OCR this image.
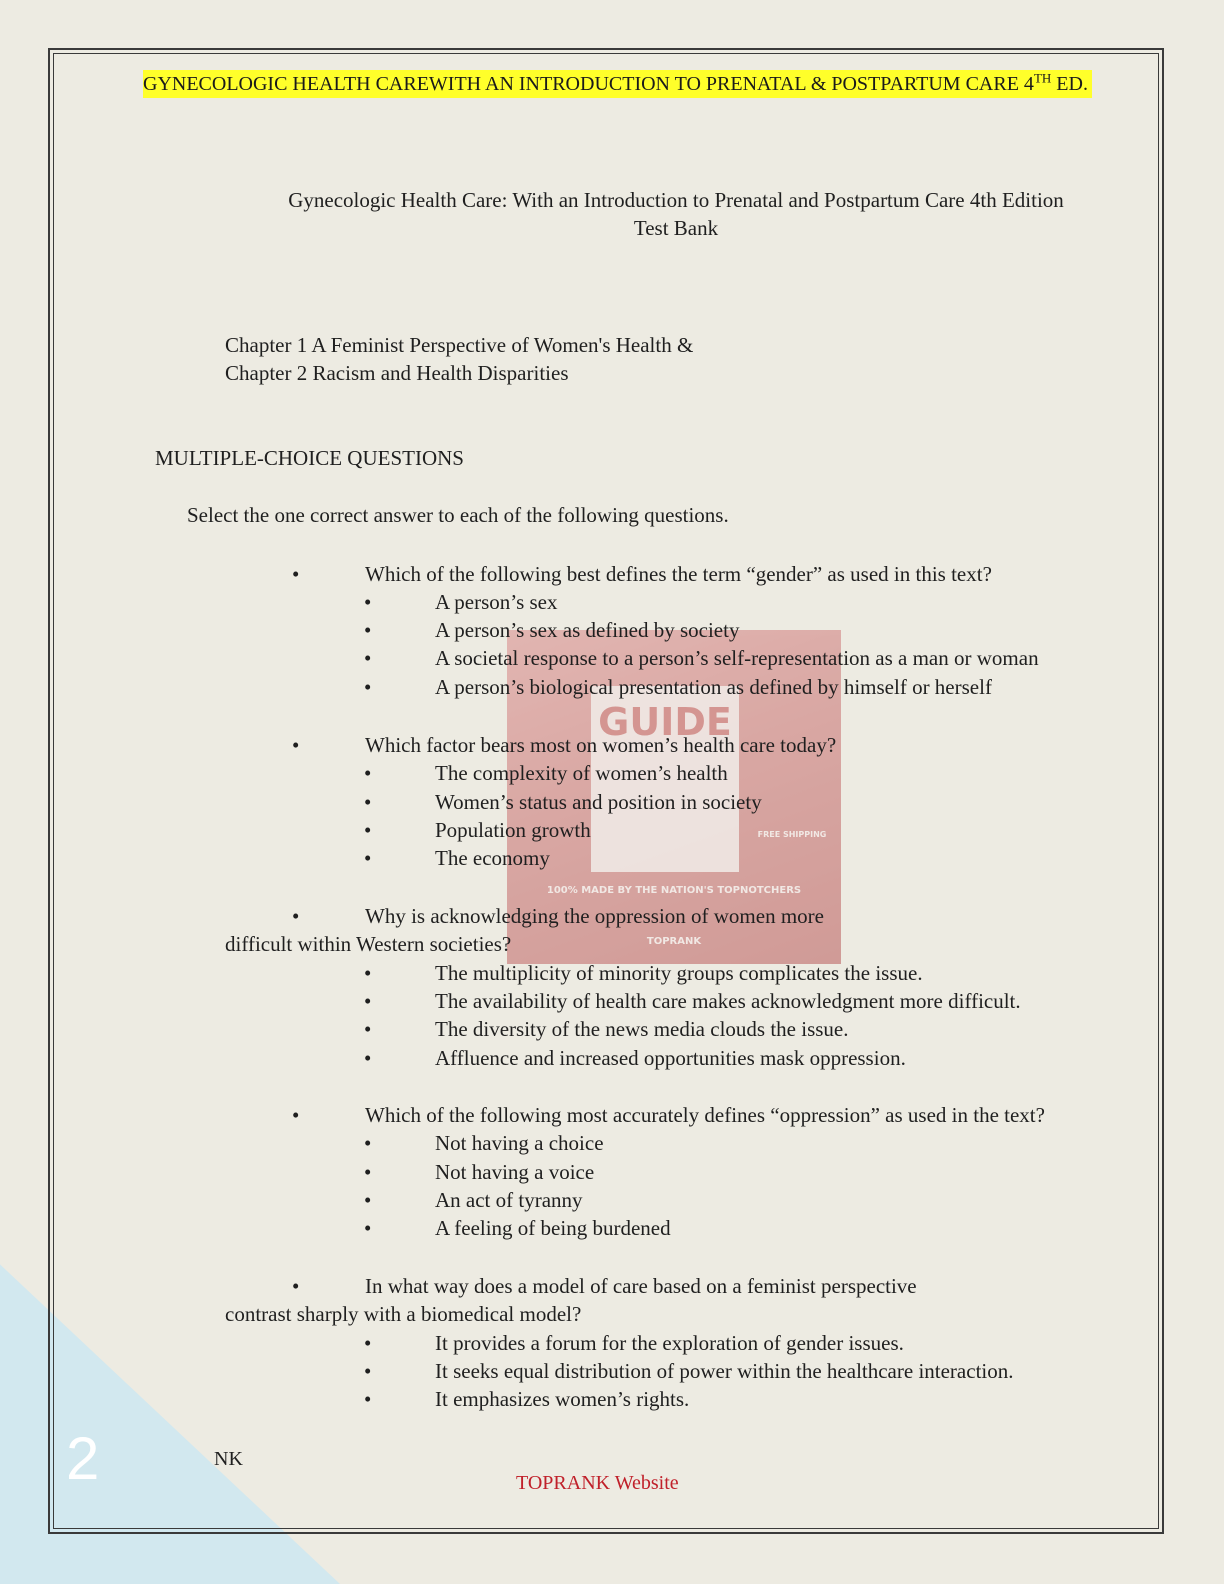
2
GYNECOLOGIC HEALTH CAREWITH AN INTRODUCTION TO PRENATAL & POSTPARTUM CARE 4TH ED.
Gynecologic Health Care: With an Introduction to Prenatal and Postpartum Care 4th Edition
Test Bank
Chapter 1 A Feminist Perspective of Women's Health &
Chapter 2 Racism and Health Disparities
MULTIPLE-CHOICE QUESTIONS
Select the one correct answer to each of the following questions.
GUIDE
100% MADE BY THE NATION'S TOPNOTCHERS
TOPRANK
FREE SHIPPING
•	Which of the following best defines the term “gender” as used in this text?
•	A person’s sex
•	A person’s sex as defined by society
•	A societal response to a person’s self-representation as a man or woman
•	A person’s biological presentation as defined by himself or herself
•	Which factor bears most on women’s health care today?
•	The complexity of women’s health
•	Women’s status and position in society
•	Population growth
•	The economy
•	Why is acknowledging the oppression of women more
difficult within Western societies?
•	The multiplicity of minority groups complicates the issue.
•	The availability of health care makes acknowledgment more difficult.
•	The diversity of the news media clouds the issue.
•	Affluence and increased opportunities mask oppression.
•	Which of the following most accurately defines “oppression” as used in the text?
•	Not having a choice
•	Not having a voice
•	An act of tyranny
•	A feeling of being burdened
•	In what way does a model of care based on a feminist perspective
contrast sharply with a biomedical model?
•	It provides a forum for the exploration of gender issues.
•	It seeks equal distribution of power within the healthcare interaction.
•	It emphasizes women’s rights.
NK
TOPRANK Website
